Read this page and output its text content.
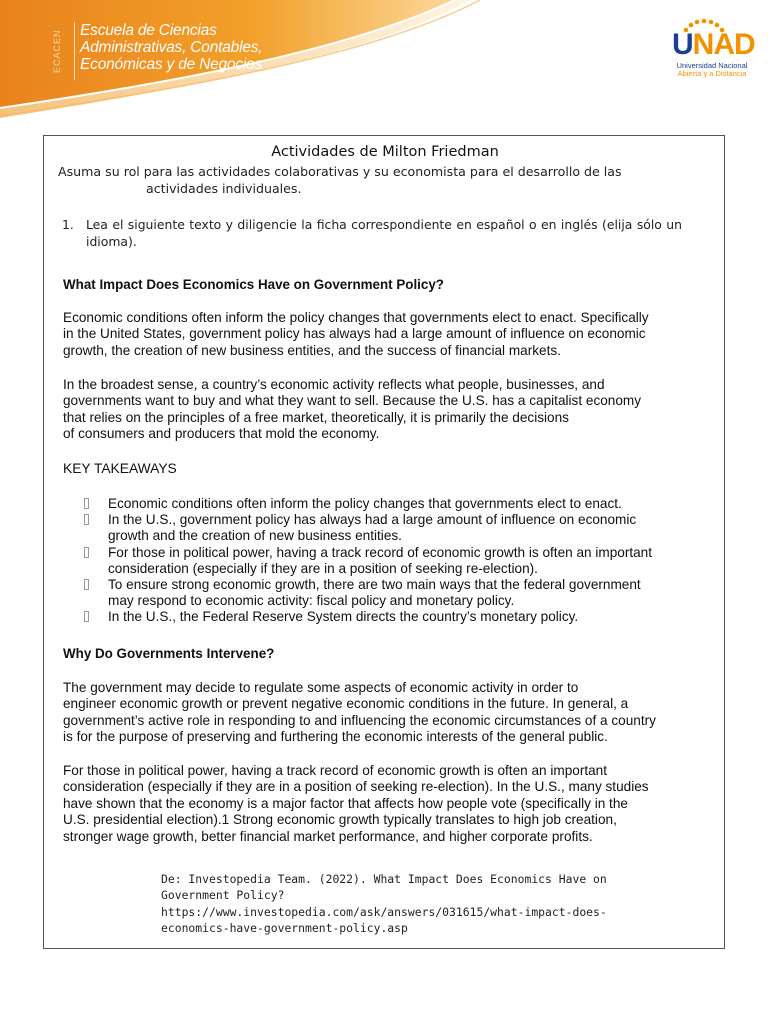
ECACEN	Escuela de Ciencias
Administrativas, Contables,
Económicas y de Negocios
UNAD
Universidad Nacional
Abierta y a Distancia
Actividades de Milton Friedman
Asuma su rol para las actividades colaborativas y su economista para el desarrollo de las
actividades individuales.
1. Lea el siguiente texto y diligencie la ficha correspondiente en español o en inglés (elija sólo un idioma).
What Impact Does Economics Have on Government Policy?
Economic conditions often inform the policy changes that governments elect to enact. Specifically
in the United States, government policy has always had a large amount of influence on economic
growth, the creation of new business entities, and the success of financial markets.
In the broadest sense, a country’s economic activity reflects what people, businesses, and
governments want to buy and what they want to sell. Because the U.S. has a capitalist economy
that relies on the principles of a free market, theoretically, it is primarily the decisions
of consumers and producers that mold the economy.
KEY TAKEAWAYS
Economic conditions often inform the policy changes that governments elect to enact.
In the U.S., government policy has always had a large amount of influence on economic
growth and the creation of new business entities.
For those in political power, having a track record of economic growth is often an important
consideration (especially if they are in a position of seeking re-election).
To ensure strong economic growth, there are two main ways that the federal government
may respond to economic activity: fiscal policy and monetary policy.
In the U.S., the Federal Reserve System directs the country’s monetary policy.
Why Do Governments Intervene?
The government may decide to regulate some aspects of economic activity in order to
engineer economic growth or prevent negative economic conditions in the future. In general, a
government’s active role in responding to and influencing the economic circumstances of a country
is for the purpose of preserving and furthering the economic interests of the general public.
For those in political power, having a track record of economic growth is often an important
consideration (especially if they are in a position of seeking re-election). In the U.S., many studies
have shown that the economy is a major factor that affects how people vote (specifically in the
U.S. presidential election).1 Strong economic growth typically translates to high job creation,
stronger wage growth, better financial market performance, and higher corporate profits.
De: Investopedia Team. (2022). What Impact Does Economics Have on
Government Policy?
https://www.investopedia.com/ask/answers/031615/what-impact-does-
economics-have-government-policy.asp
